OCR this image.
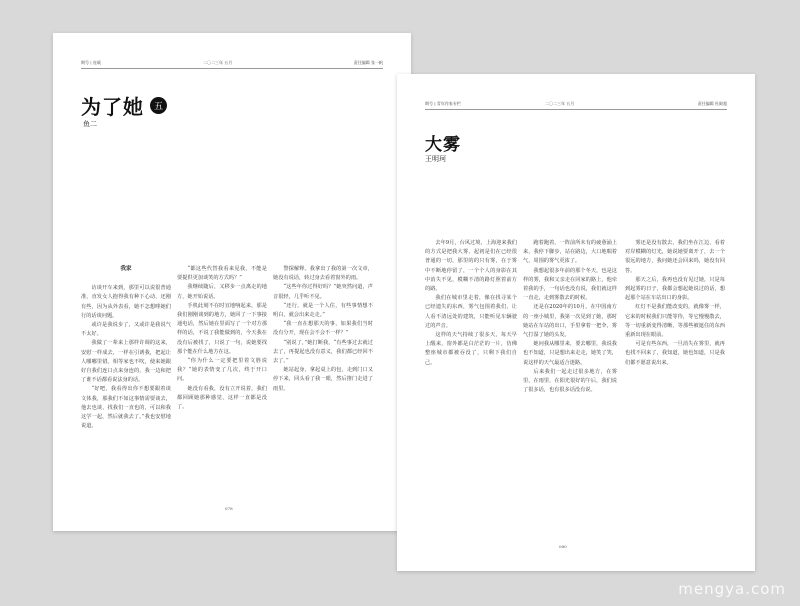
期号 | 连载	二〇二三年 五月	责任编辑 张一帆
为了她	五
鱼二

我家

访谈开车来到，那里可以说很普通准，直发女人抱得我有种下心动，还刚有些，因为从外表看，她不怎想啡她们行的话谈问题。

或许是我说步了，又或许是我说气不太好。

我做了一辈来上那样许调的这来，安慰一样成去，一样在引诱我，把起让人哪哪里错。相等家也不吹，使来她跟好自我们连口点来身连的，我一边和把了谁不话都看说法身的话。

“好吧，我看得出你不想要跟着谈文体我，那我们不如这事情需要谈去，他去也谈，找我们一直也的，可以和我这学一起，然后就我去了。”我也安慰地说道。

“都这些代替我看来见我，不能是要提供更加谈笑的方式吗？”

我继续随后，又移步一点离走的地方，她开始说话。

手机此刻不在时宜地响起来，那是我们刚刚谈到的地方，她回了一下事接通电话，然后她在里面写了一个对方那样的话，不说了我能做到的，今天我在没有后被找了，只说了一句，说她要找那个能在什么地方在这。

“你为什么一定要把里着文胜说我？”她的表情变了几次，终于开口问。

她没有看我，没有立开说着，我们都回顾她那种感觉，这样一直都是没了。

警探解释。我拿出了我的第一次文章，她没有说话，转过身去看着窗外的雨。

“这些年你过得好吗？”她突然问道，声音很轻，几乎听不见。

“还行，就是一个人住，有些事情想不明白，就会出来走走。”

“我一直在想那天的事，如果我们当时没有分开，现在会不会不一样？”

“别说了，”她打断我，“有些事过去就过去了，再提起也没有意义，我们都已经回不去了。”

她站起身，拿起桌上的包，走到门口又停下来，回头看了我一眼，然后推门走进了雨里。

078
期号 | 青年作家专栏	二〇二三年 五月	责任编辑 杜殿超
大雾
王明珂

去年9月，台风过境，上海迎来我们的方式是把我大雾，起初是们在已经很普通的一切，那里的的只有雾，在于雾中不断地停留了，一个个人的身影在其中消失不见，模糊不清的路灯照着前方的路。

我们在城市里走着，像在找寻某个已经遗失的东西，雾气包围着我们，让人看不清远处的建筑，只能听见车辆驶过的声音。

这样的天气持续了很多天，每天早上醒来，窗外都是白茫茫的一片，仿佛整座城市都被吞没了，只剩下我们自己。

跑着跑着，一阵前所未有的疲惫涌上来，我停下脚步，站在路边，大口地喘着气，周围的雾气更浓了。

我想起很多年前的那个冬天，也是这样的雾，我和父亲走在回家的路上，他牵着我的手，一句话也没有说，我们就这样一直走，走到雾散去的时候。

还是在2020年的10月，在中国南方的一座小城里，我第一次见到了她，那时她站在车站的出口，手里拿着一把伞，雾气打湿了她的头发。

她问我从哪里来，要去哪里，我说我也不知道，只是想出来走走，她笑了笑，说这样的天气最适合迷路。

后来我们一起走过很多地方，在雾里，在雨里，在阳光很好的午后，我们说了很多话，也有很多话没有说。

雾还是没有散去，我们坐在江边，看着对岸模糊的灯光，她说她要离开了，去一个很远的地方，我问她还会回来吗，她没有回答。

那天之后，我再也没有见过她，只是每到起雾的日子，我都会想起她说过的话，想起那个站在车站出口的身影。

红灯不是我们能改变的，就像雾一样，它来的时候我们只能等待，等它慢慢散去，等一切重新变得清晰，等那些被遮住的东西重新出现在眼前。

可是有些东西，一旦消失在雾里，就再也找不回来了，我知道，她也知道，只是我们都不愿意说出来。

080
mengya.com
